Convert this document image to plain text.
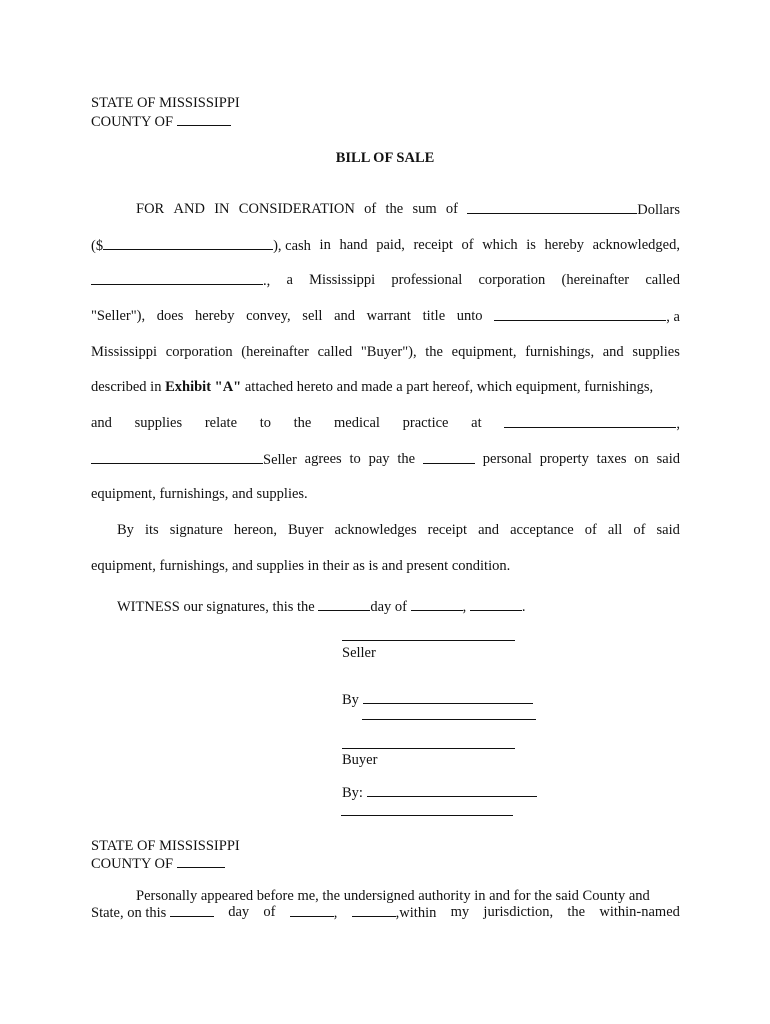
STATE OF MISSISSIPPI
COUNTY OF
BILL OF SALE
FOR AND IN CONSIDERATION of the sum of	Dollars
($	), cash in hand paid, receipt of which is hereby acknowledged,
., a Mississippi professional corporation (hereinafter called
"Seller"), does hereby convey, sell and warrant title unto	, a
Mississippi corporation (hereinafter called "Buyer"), the equipment, furnishings, and supplies
described in Exhibit "A" attached hereto and made a part hereof, which equipment, furnishings,
and supplies relate to the medical practice at	,
Seller agrees to pay the	personal property taxes on said
equipment, furnishings, and supplies.
By its signature hereon, Buyer acknowledges receipt and acceptance of all of said
equipment, furnishings, and supplies in their as is and present condition.
WITNESS our signatures, this the	day of	,	.
Seller
By
Buyer
By:
STATE OF MISSISSIPPI
COUNTY OF
Personally appeared before me, the undersigned authority in and for the said County and
State, on this	day of	,	,within my jurisdiction, the within-named
